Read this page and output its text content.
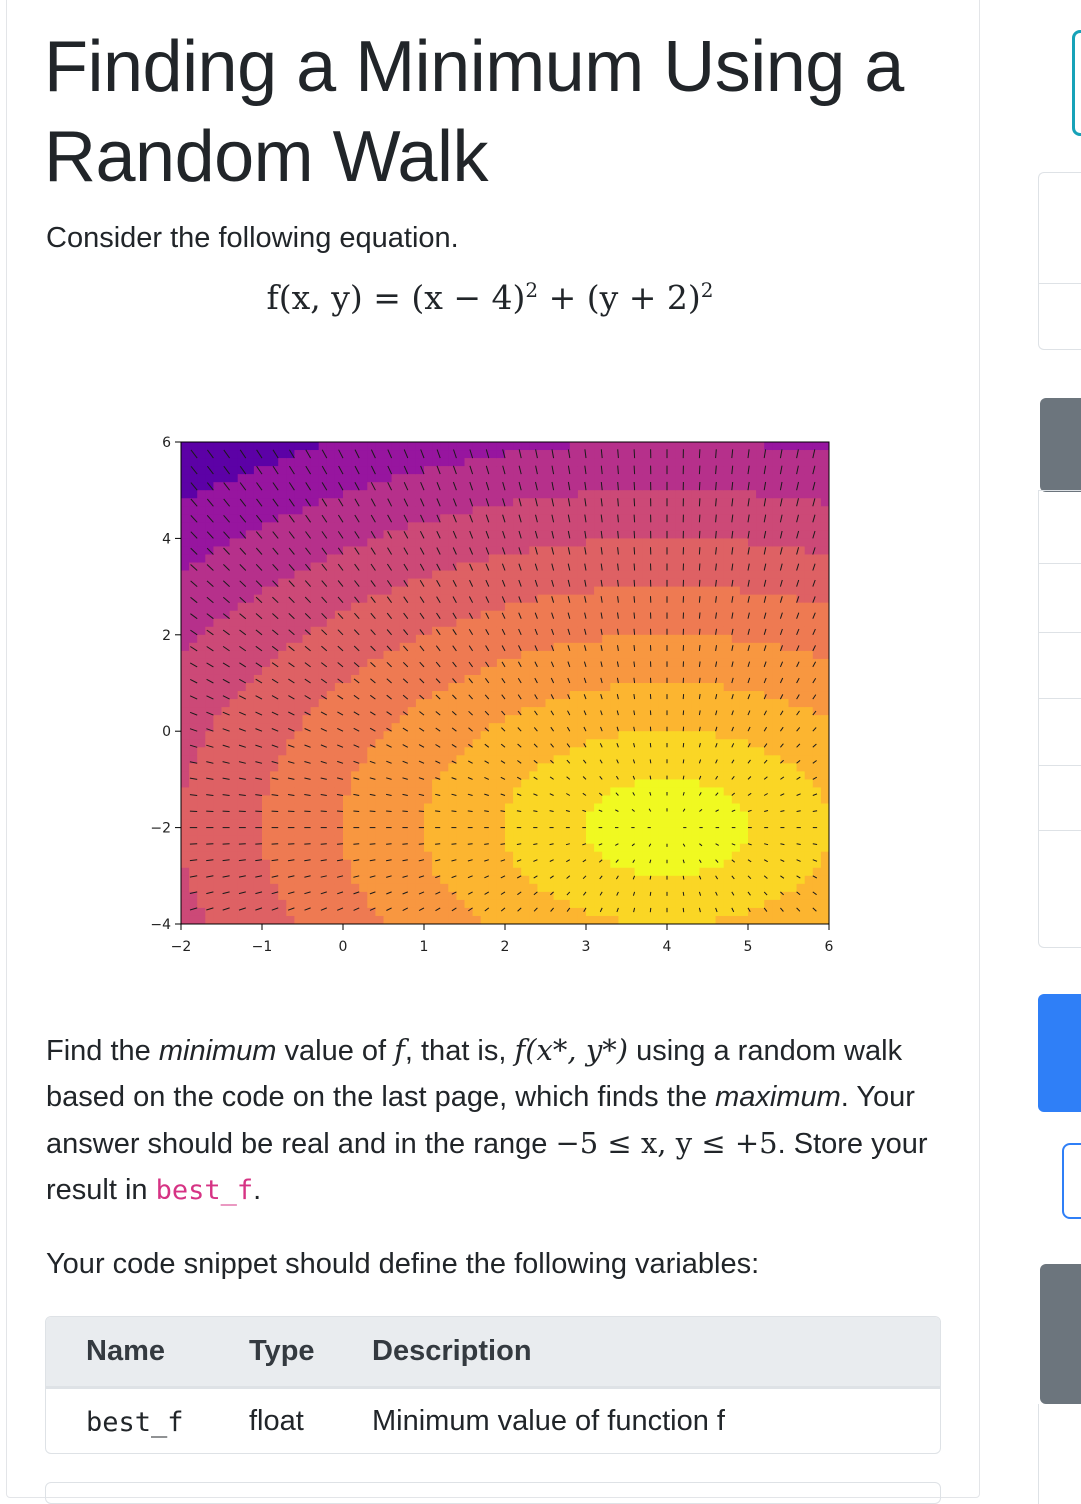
Finding a Minimum Using a Random Walk

Consider the following equation.

f(x, $y) = (x - 4)^2 + (y + 2)^2$
−2	−1	0	1	2	3	4	5	6
−4
−2
0
2
4
6

Find the minimum value of f, that is, f(x*, y*) using a random walk based on the code on the last page, which finds the maximum. Your answer should be real and in the range −5 ≤ x, y ≤ +5. Store your result in best_f.

Your code snippet should define the following variables:

Name	Type Description
best_f float Minimum value of function f
